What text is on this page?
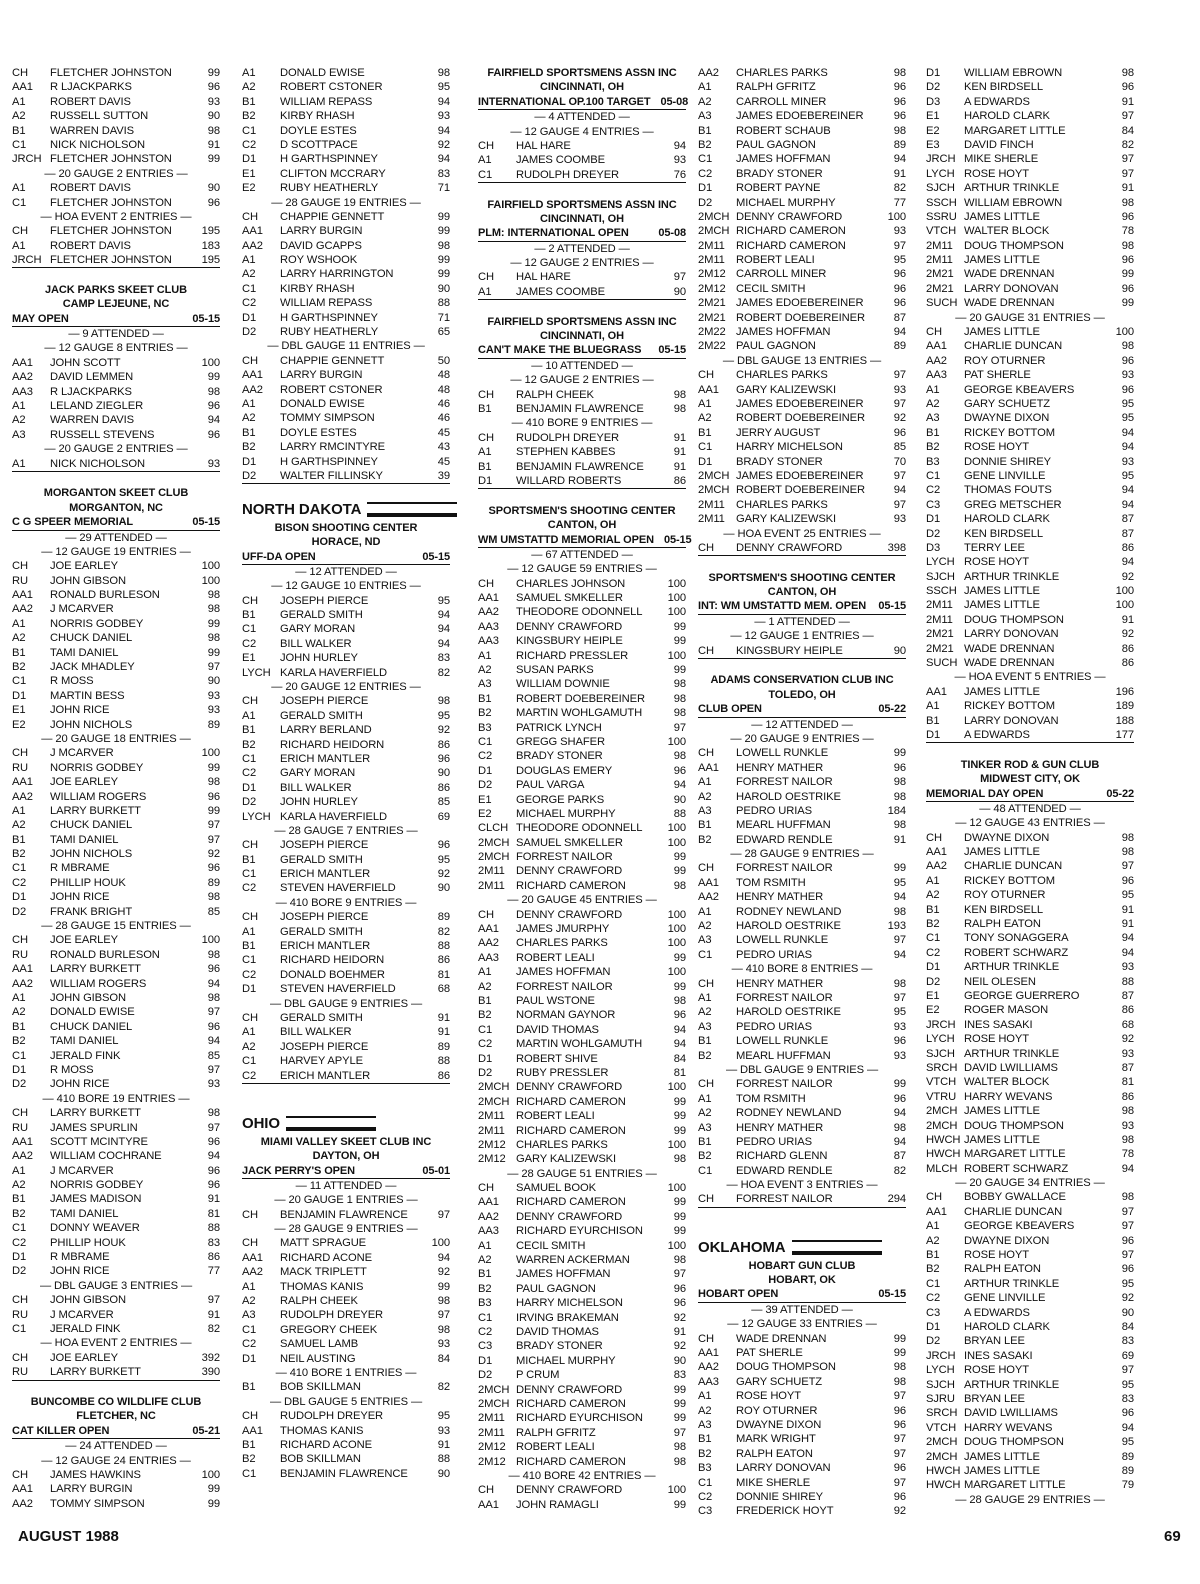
CH	FLETCHER JOHNSTON	99
AA1	R LJACKPARKS	96
A1	ROBERT DAVIS	93
A2	RUSSELL SUTTON	90
B1	WARREN DAVIS	98
C1	NICK NICHOLSON	91
JRCH FLETCHER JOHNSTON	99
— 20 GAUGE 2 ENTRIES —
A1	ROBERT DAVIS	90
C1	FLETCHER JOHNSTON	96
— HOA EVENT 2 ENTRIES —
CH	FLETCHER JOHNSTON	195
A1	ROBERT DAVIS	183
JRCH FLETCHER JOHNSTON	195
JACK PARKS SKEET CLUB
CAMP LEJEUNE, NC
MAY OPEN	05-15
— 9 ATTENDED —
— 12 GAUGE 8 ENTRIES —
AA1	JOHN SCOTT	100
AA2	DAVID LEMMEN	99
AA3	R LJACKPARKS	98
A1	LELAND ZIEGLER	96
A2	WARREN DAVIS	94
A3	RUSSELL STEVENS	96
— 20 GAUGE 2 ENTRIES —
A1	NICK NICHOLSON	93
MORGANTON SKEET CLUB
MORGANTON, NC
C G SPEER MEMORIAL	05-15
— 29 ATTENDED —
— 12 GAUGE 19 ENTRIES —
CH	JOE EARLEY	100
RU	JOHN GIBSON	100
AA1	RONALD BURLESON	98
AA2	J MCARVER	98
A1	NORRIS GODBEY	99
A2	CHUCK DANIEL	98
B1	TAMI DANIEL	99
B2	JACK MHADLEY	97
C1	R MOSS	90
D1	MARTIN BESS	93
E1	JOHN RICE	93
E2	JOHN NICHOLS	89
— 20 GAUGE 18 ENTRIES —
CH	J MCARVER	100
RU	NORRIS GODBEY	99
AA1	JOE EARLEY	98
AA2	WILLIAM ROGERS	96
A1	LARRY BURKETT	99
A2	CHUCK DANIEL	97
B1	TAMI DANIEL	97
B2	JOHN NICHOLS	92
C1	R MBRAME	96
C2	PHILLIP HOUK	89
D1	JOHN RICE	98
D2	FRANK BRIGHT	85
— 28 GAUGE 15 ENTRIES —
CH	JOE EARLEY	100
RU	RONALD BURLESON	98
AA1	LARRY BURKETT	96
AA2	WILLIAM ROGERS	94
A1	JOHN GIBSON	98
A2	DONALD EWISE	97
B1	CHUCK DANIEL	96
B2	TAMI DANIEL	94
C1	JERALD FINK	85
D1	R MOSS	97
D2	JOHN RICE	93
— 410 BORE 19 ENTRIES —
CH	LARRY BURKETT	98
RU	JAMES SPURLIN	97
AA1	SCOTT MCINTYRE	96
AA2	WILLIAM COCHRANE	94
A1	J MCARVER	96
A2	NORRIS GODBEY	96
B1	JAMES MADISON	91
B2	TAMI DANIEL	81
C1	DONNY WEAVER	88
C2	PHILLIP HOUK	83
D1	R MBRAME	86
D2	JOHN RICE	77
— DBL GAUGE 3 ENTRIES —
CH	JOHN GIBSON	97
RU	J MCARVER	91
C1	JERALD FINK	82
— HOA EVENT 2 ENTRIES —
CH	JOE EARLEY	392
RU	LARRY BURKETT	390
BUNCOMBE CO WILDLIFE CLUB
FLETCHER, NC
CAT KILLER OPEN	05-21
— 24 ATTENDED —
— 12 GAUGE 24 ENTRIES —
CH	JAMES HAWKINS	100
AA1	LARRY BURGIN	99
AA2	TOMMY SIMPSON	99
A1	DONALD EWISE	98
A2	ROBERT CSTONER	95
B1	WILLIAM REPASS	94
B2	KIRBY RHASH	93
C1	DOYLE ESTES	94
C2	D SCOTTPACE	92
D1	H GARTHSPINNEY	94
E1	CLIFTON MCCRARY	83
E2	RUBY HEATHERLY	71
— 28 GAUGE 19 ENTRIES —
CH	CHAPPIE GENNETT	99
AA1	LARRY BURGIN	99
AA2	DAVID GCAPPS	98
A1	ROY WSHOOK	99
A2	LARRY HARRINGTON	99
C1	KIRBY RHASH	90
C2	WILLIAM REPASS	88
D1	H GARTHSPINNEY	71
D2	RUBY HEATHERLY	65
— DBL GAUGE 11 ENTRIES —
CH	CHAPPIE GENNETT	50
AA1	LARRY BURGIN	48
AA2	ROBERT CSTONER	48
A1	DONALD EWISE	46
A2	TOMMY SIMPSON	46
B1	DOYLE ESTES	45
B2	LARRY RMCINTYRE	43
D1	H GARTHSPINNEY	45
D2	WALTER FILLINSKY	39
NORTH DAKOTA
BISON SHOOTING CENTER
HORACE, ND
UFF-DA OPEN	05-15
— 12 ATTENDED —
— 12 GAUGE 10 ENTRIES —
CH	JOSEPH PIERCE	95
B1	GERALD SMITH	94
C1	GARY MORAN	94
C2	BILL WALKER	94
E1	JOHN HURLEY	83
LYCH KARLA HAVERFIELD	82
— 20 GAUGE 12 ENTRIES —
CH	JOSEPH PIERCE	98
A1	GERALD SMITH	95
B1	LARRY BERLAND	92
B2	RICHARD HEIDORN	86
C1	ERICH MANTLER	96
C2	GARY MORAN	90
D1	BILL WALKER	86
D2	JOHN HURLEY	85
LYCH KARLA HAVERFIELD	69
— 28 GAUGE 7 ENTRIES —
CH	JOSEPH PIERCE	96
B1	GERALD SMITH	95
C1	ERICH MANTLER	92
C2	STEVEN HAVERFIELD	90
— 410 BORE 9 ENTRIES —
CH	JOSEPH PIERCE	89
A1	GERALD SMITH	82
B1	ERICH MANTLER	88
C1	RICHARD HEIDORN	86
C2	DONALD BOEHMER	81
D1	STEVEN HAVERFIELD	68
— DBL GAUGE 9 ENTRIES —
CH	GERALD SMITH	91
A1	BILL WALKER	91
A2	JOSEPH PIERCE	89
C1	HARVEY APYLE	88
C2	ERICH MANTLER	86
OHIO
MIAMI VALLEY SKEET CLUB INC
DAYTON, OH
JACK PERRY'S OPEN	05-01
— 11 ATTENDED —
— 20 GAUGE 1 ENTRIES —
CH	BENJAMIN FLAWRENCE	97
— 28 GAUGE 9 ENTRIES —
CH	MATT SPRAGUE	100
AA1	RICHARD ACONE	94
AA2	MACK TRIPLETT	92
A1	THOMAS KANIS	99
A2	RALPH CHEEK	98
A3	RUDOLPH DREYER	97
C1	GREGORY CHEEK	98
C2	SAMUEL LAMB	93
D1	NEIL AUSTING	84
— 410 BORE 1 ENTRIES —
B1	BOB SKILLMAN	82
— DBL GAUGE 5 ENTRIES —
CH	RUDOLPH DREYER	95
AA1	THOMAS KANIS	93
B1	RICHARD ACONE	91
B2	BOB SKILLMAN	88
C1	BENJAMIN FLAWRENCE	90
FAIRFIELD SPORTSMENS ASSN INC
CINCINNATI, OH
INTERNATIONAL OP.100 TARGET 05-08
— 4 ATTENDED —
— 12 GAUGE 4 ENTRIES —
CH	HAL HARE	94
A1	JAMES COOMBE	93
C1	RUDOLPH DREYER	76
FAIRFIELD SPORTSMENS ASSN INC
CINCINNATI, OH
PLM: INTERNATIONAL OPEN	05-08
— 2 ATTENDED —
— 12 GAUGE 2 ENTRIES —
CH	HAL HARE	97
A1	JAMES COOMBE	90
FAIRFIELD SPORTSMENS ASSN INC
CINCINNATI, OH
CAN'T MAKE THE BLUEGRASS 05-15
— 10 ATTENDED —
— 12 GAUGE 2 ENTRIES —
CH	RALPH CHEEK	98
B1	BENJAMIN FLAWRENCE	98
— 410 BORE 9 ENTRIES —
CH	RUDOLPH DREYER	91
A1	STEPHEN KABBES	91
B1	BENJAMIN FLAWRENCE	91
D1	WILLARD ROBERTS	86
SPORTSMEN'S SHOOTING CENTER
CANTON, OH
WM UMSTATTD MEMORIAL OPEN 05-15
— 67 ATTENDED —
— 12 GAUGE 59 ENTRIES —
CH	CHARLES JOHNSON	100
AA1	SAMUEL SMKELLER	100
AA2	THEODORE ODONNELL	100
AA3	DENNY CRAWFORD	99
AA3	KINGSBURY HEIPLE	99
A1	RICHARD PRESSLER	100
A2	SUSAN PARKS	99
A3	WILLIAM DOWNIE	98
B1	ROBERT DOEBEREINER	98
B2	MARTIN WOHLGAMUTH	98
B3	PATRICK LYNCH	97
C1	GREGG SHAFER	100
C2	BRADY STONER	98
D1	DOUGLAS EMERY	96
D2	PAUL VARGA	94
E1	GEORGE PARKS	90
E2	MICHAEL MURPHY	88
CLCH THEODORE ODONNELL	100
2MCH SAMUEL SMKELLER	100
2MCH FORREST NAILOR	99
2M11	DENNY CRAWFORD	99
2M11	RICHARD CAMERON	98
— 20 GAUGE 45 ENTRIES —
CH	DENNY CRAWFORD	100
AA1	JAMES JMURPHY	100
AA2	CHARLES PARKS	100
AA3	ROBERT LEALI	99
A1	JAMES HOFFMAN	100
A2	FORREST NAILOR	99
B1	PAUL WSTONE	98
B2	NORMAN GAYNOR	96
C1	DAVID THOMAS	94
C2	MARTIN WOHLGAMUTH	94
D1	ROBERT SHIVE	84
D2	RUBY PRESSLER	81
2MCH DENNY CRAWFORD	100
2MCH RICHARD CAMERON	99
2M11	ROBERT LEALI	99
2M11	RICHARD CAMERON	99
2M12 CHARLES PARKS	100
2M12 GARY KALIZEWSKI	98
— 28 GAUGE 51 ENTRIES —
CH	SAMUEL BOOK	100
AA1	RICHARD CAMERON	99
AA2	DENNY CRAWFORD	99
AA3	RICHARD EYURCHISON	99
A1	CECIL SMITH	100
A2	WARREN ACKERMAN	98
B1	JAMES HOFFMAN	97
B2	PAUL GAGNON	96
B3	HARRY MICHELSON	96
C1	IRVING BRAKEMAN	92
C2	DAVID THOMAS	91
C3	BRADY STONER	92
D1	MICHAEL MURPHY	90
D2	P CRUM	83
2MCH DENNY CRAWFORD	99
2MCH RICHARD CAMERON	99
2M11	RICHARD EYURCHISON	99
2M11	RALPH GFRITZ	97
2M12 ROBERT LEALI	98
2M12 RICHARD CAMERON	98
— 410 BORE 42 ENTRIES —
CH	DENNY CRAWFORD	100
AA1	JOHN RAMAGLI	99
AA2	CHARLES PARKS	98
A1	RALPH GFRITZ	96
A2	CARROLL MINER	96
A3	JAMES EDOEBEREINER	96
B1	ROBERT SCHAUB	98
B2	PAUL GAGNON	89
C1	JAMES HOFFMAN	94
C2	BRADY STONER	91
D1	ROBERT PAYNE	82
D2	MICHAEL MURPHY	77
2MCH DENNY CRAWFORD	100
2MCH RICHARD CAMERON	93
2M11	RICHARD CAMERON	97
2M11	ROBERT LEALI	95
2M12 CARROLL MINER	96
2M12 CECIL SMITH	96
2M21 JAMES EDOEBEREINER	96
2M21 ROBERT DOEBEREINER	87
2M22 JAMES HOFFMAN	94
2M22 PAUL GAGNON	89
— DBL GAUGE 13 ENTRIES —
CH	CHARLES PARKS	97
AA1	GARY KALIZEWSKI	93
A1	JAMES EDOEBEREINER	97
A2	ROBERT DOEBEREINER	92
B1	JERRY AUGUST	96
C1	HARRY MICHELSON	85
D1	BRADY STONER	70
2MCH JAMES EDOEBEREINER	97
2MCH ROBERT DOEBEREINER	94
2M11	CHARLES PARKS	97
2M11	GARY KALIZEWSKI	93
— HOA EVENT 25 ENTRIES —
CH	DENNY CRAWFORD	398
SPORTSMEN'S SHOOTING CENTER
CANTON, OH
INT: WM UMSTATTD MEM. OPEN 05-15
— 1 ATTENDED —
— 12 GAUGE 1 ENTRIES —
CH	KINGSBURY HEIPLE	90
ADAMS CONSERVATION CLUB INC
TOLEDO, OH
CLUB OPEN	05-22
— 12 ATTENDED —
— 20 GAUGE 9 ENTRIES —
CH	LOWELL RUNKLE	99
AA1	HENRY MATHER	96
A1	FORREST NAILOR	98
A2	HAROLD OESTRIKE	98
A3	PEDRO URIAS	184
B1	MEARL HUFFMAN	98
B2	EDWARD RENDLE	91
— 28 GAUGE 9 ENTRIES —
CH	FORREST NAILOR	99
AA1	TOM RSMITH	95
AA2	HENRY MATHER	94
A1	RODNEY NEWLAND	98
A2	HAROLD OESTRIKE	193
A3	LOWELL RUNKLE	97
C1	PEDRO URIAS	94
— 410 BORE 8 ENTRIES —
CH	HENRY MATHER	98
A1	FORREST NAILOR	97
A2	HAROLD OESTRIKE	95
A3	PEDRO URIAS	93
B1	LOWELL RUNKLE	96
B2	MEARL HUFFMAN	93
— DBL GAUGE 9 ENTRIES —
CH	FORREST NAILOR	99
A1	TOM RSMITH	96
A2	RODNEY NEWLAND	94
A3	HENRY MATHER	98
B1	PEDRO URIAS	94
B2	RICHARD GLENN	87
C1	EDWARD RENDLE	82
— HOA EVENT 3 ENTRIES —
CH	FORREST NAILOR	294
OKLAHOMA
HOBART GUN CLUB
HOBART, OK
HOBART OPEN	05-15
— 39 ATTENDED —
— 12 GAUGE 33 ENTRIES —
CH	WADE DRENNAN	99
AA1	PAT SHERLE	99
AA2	DOUG THOMPSON	98
AA3	GARY SCHUETZ	98
A1	ROSE HOYT	97
A2	ROY OTURNER	96
A3	DWAYNE DIXON	96
B1	MARK WRIGHT	97
B2	RALPH EATON	97
B3	LARRY DONOVAN	96
C1	MIKE SHERLE	97
C2	DONNIE SHIREY	96
C3	FREDERICK HOYT	92
D1	WILLIAM EBROWN	98
D2	KEN BIRDSELL	96
D3	A EDWARDS	91
E1	HAROLD CLARK	97
E2	MARGARET LITTLE	84
E3	DAVID FINCH	82
JRCH MIKE SHERLE	97
LYCH ROSE HOYT	97
SJCH ARTHUR TRINKLE	91
SSCH WILLIAM EBROWN	98
SSRU JAMES LITTLE	96
VTCH WALTER BLOCK	78
2M11	DOUG THOMPSON	98
2M11	JAMES LITTLE	96
2M21 WADE DRENNAN	99
2M21 LARRY DONOVAN	96
SUCH WADE DRENNAN	99
— 20 GAUGE 31 ENTRIES —
CH	JAMES LITTLE	100
AA1	CHARLIE DUNCAN	98
AA2	ROY OTURNER	96
AA3	PAT SHERLE	93
A1	GEORGE KBEAVERS	96
A2	GARY SCHUETZ	95
A3	DWAYNE DIXON	95
B1	RICKEY BOTTOM	94
B2	ROSE HOYT	94
B3	DONNIE SHIREY	93
C1	GENE LINVILLE	95
C2	THOMAS FOUTS	94
C3	GREG METSCHER	94
D1	HAROLD CLARK	87
D2	KEN BIRDSELL	87
D3	TERRY LEE	86
LYCH ROSE HOYT	94
SJCH ARTHUR TRINKLE	92
SSCH JAMES LITTLE	100
2M11	JAMES LITTLE	100
2M11	DOUG THOMPSON	91
2M21 LARRY DONOVAN	92
2M21 WADE DRENNAN	86
SUCH WADE DRENNAN	86
— HOA EVENT 5 ENTRIES —
AA1	JAMES LITTLE	196
A1	RICKEY BOTTOM	189
B1	LARRY DONOVAN	188
D1	A EDWARDS	177
TINKER ROD & GUN CLUB
MIDWEST CITY, OK
MEMORIAL DAY OPEN	05-22
— 48 ATTENDED —
— 12 GAUGE 43 ENTRIES —
CH	DWAYNE DIXON	98
AA1	JAMES LITTLE	98
AA2	CHARLIE DUNCAN	97
A1	RICKEY BOTTOM	96
A2	ROY OTURNER	95
B1	KEN BIRDSELL	91
B2	RALPH EATON	91
C1	TONY SONAGGERA	94
C2	ROBERT SCHWARZ	94
D1	ARTHUR TRINKLE	93
D2	NEIL OLESEN	88
E1	GEORGE GUERRERO	87
E2	ROGER MASON	86
JRCH INES SASAKI	68
LYCH ROSE HOYT	92
SJCH ARTHUR TRINKLE	93
SRCH DAVID LWILLIAMS	87
VTCH WALTER BLOCK	81
VTRU HARRY WEVANS	86
2MCH JAMES LITTLE	98
2MCH DOUG THOMPSON	93
HWCH JAMES LITTLE	98
HWCH MARGARET LITTLE	78
MLCH ROBERT SCHWARZ	94
— 20 GAUGE 34 ENTRIES —
CH	BOBBY GWALLACE	98
AA1	CHARLIE DUNCAN	97
A1	GEORGE KBEAVERS	97
A2	DWAYNE DIXON	96
B1	ROSE HOYT	97
B2	RALPH EATON	96
C1	ARTHUR TRINKLE	95
C2	GENE LINVILLE	92
C3	A EDWARDS	90
D1	HAROLD CLARK	84
D2	BRYAN LEE	83
JRCH INES SASAKI	69
LYCH ROSE HOYT	97
SJCH ARTHUR TRINKLE	95
SJRU BRYAN LEE	83
SRCH DAVID LWILLIAMS	96
VTCH HARRY WEVANS	94
2MCH DOUG THOMPSON	95
2MCH JAMES LITTLE	89
HWCH JAMES LITTLE	89
HWCH MARGARET LITTLE	79
— 28 GAUGE 29 ENTRIES —
AUGUST 1988	69
